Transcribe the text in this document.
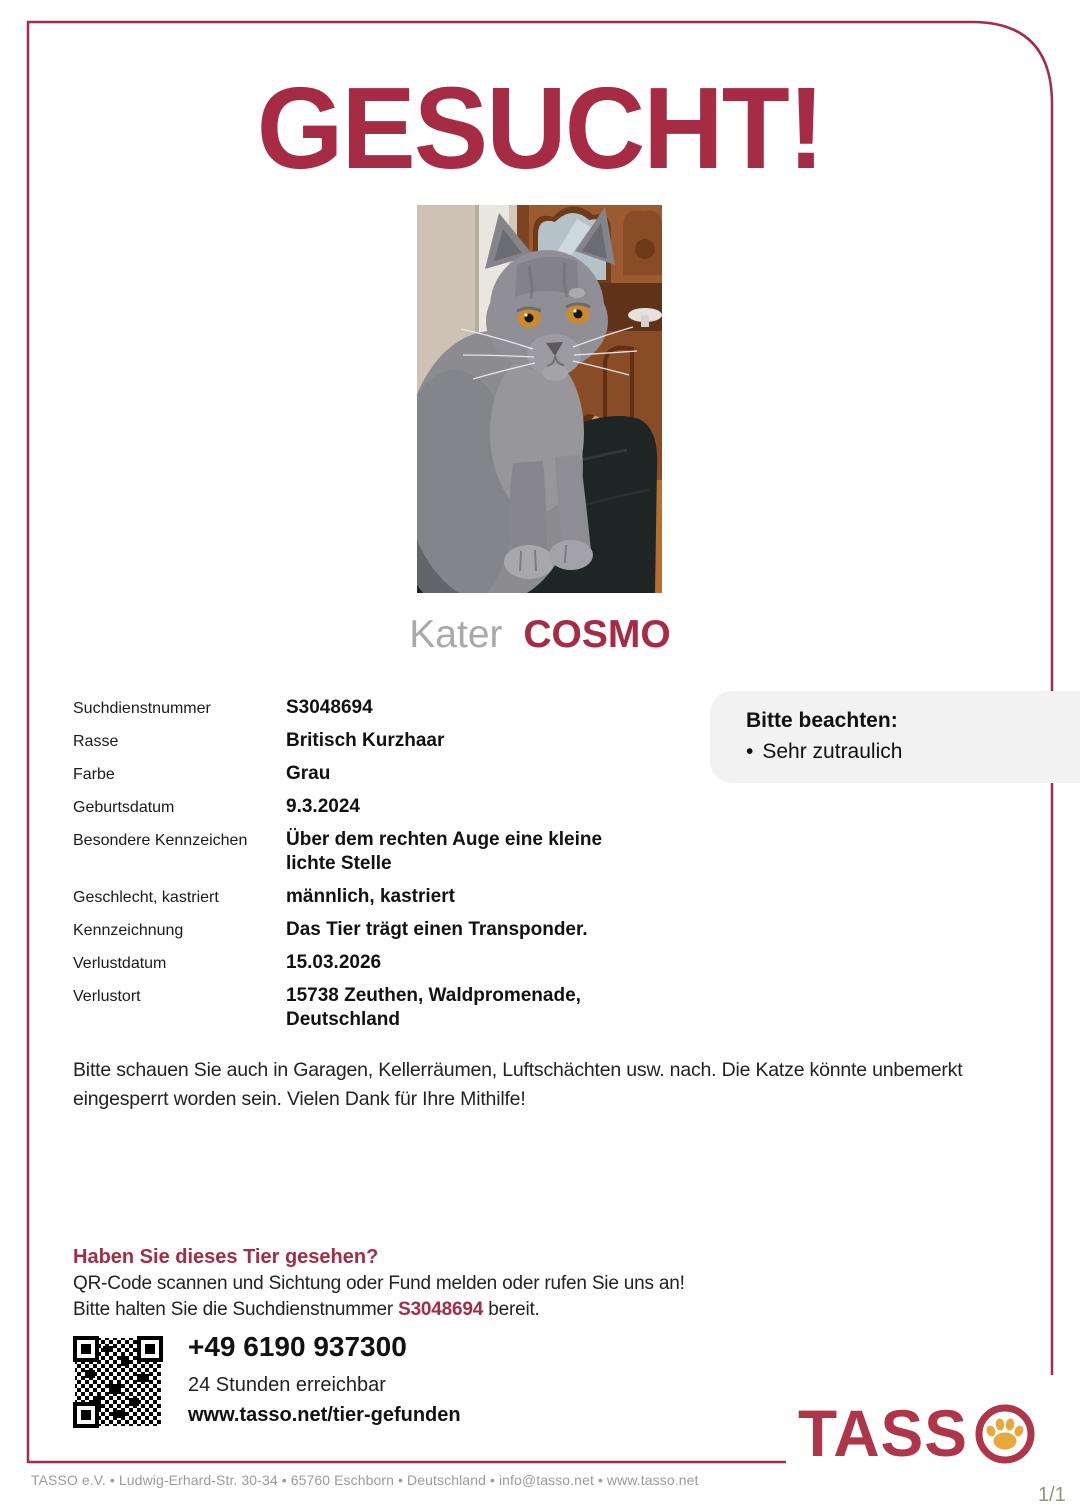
GESUCHT!
Kater COSMO
Bitte beachten:
• Sehr zutraulich
Suchdienstnummer	S3048694
Rasse	Britisch Kurzhaar
Farbe	Grau
Geburtsdatum	9.3.2024
Besondere Kennzeichen	Über dem rechten Auge eine kleine lichte Stelle
Geschlecht, kastriert	männlich, kastriert
Kennzeichnung	Das Tier trägt einen Transponder.
Verlustdatum	15.03.2026
Verlustort	15738 Zeuthen, Waldpromenade, Deutschland

Bitte schauen Sie auch in Garagen, Kellerräumen, Luftschächten usw. nach. Die Katze könnte unbemerkt eingesperrt worden sein. Vielen Dank für Ihre Mithilfe!

Haben Sie dieses Tier gesehen?
QR-Code scannen und Sichtung oder Fund melden oder rufen Sie uns an!
Bitte halten Sie die Suchdienstnummer S3048694 bereit.
+49 6190 937300
24 Stunden erreichbar
www.tasso.net/tier-gefunden	TASS
1/1
TASSO e.V. • Ludwig-Erhard-Str. 30-34 • 65760 Eschborn • Deutschland • info@tasso.net • www.tasso.net
